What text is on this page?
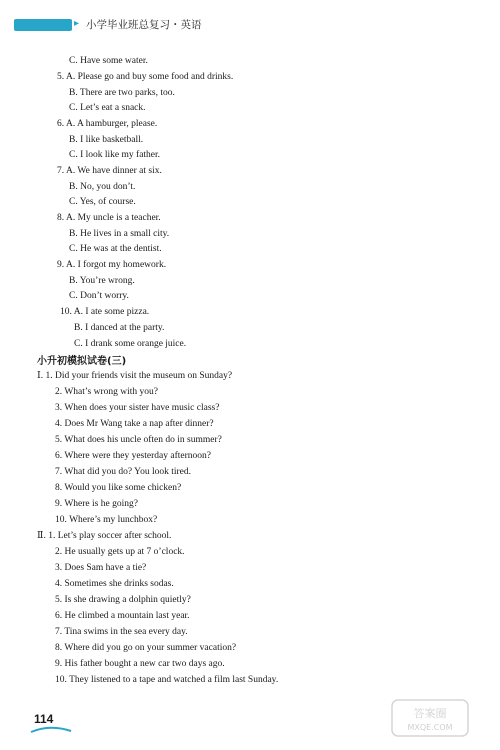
▸ 小学毕业班总复习・英语
C. Have some water.
5. A. Please go and buy some food and drinks.
B. There are two parks, too.
C. Let’s eat a snack.
6. A. A hamburger, please.
B. I like basketball.
C. I look like my father.
7. A. We have dinner at six.
B. No, you don’t.
C. Yes, of course.
8. A. My uncle is a teacher.
B. He lives in a small city.
C. He was at the dentist.
9. A. I forgot my homework.
B. You’re wrong.
C. Don’t worry.
10. A. I ate some pizza.
B. I danced at the party.
C. I drank some orange juice.
小升初模拟试卷(三)
Ⅰ. 1. Did your friends visit the museum on Sunday?
2. What’s wrong with you?
3. When does your sister have music class?
4. Does Mr Wang take a nap after dinner?
5. What does his uncle often do in summer?
6. Where were they yesterday afternoon?
7. What did you do? You look tired.
8. Would you like some chicken?
9. Where is he going?
10. Where’s my lunchbox?
Ⅱ. 1. Let’s play soccer after school.
2. He usually gets up at 7 o’clock.
3. Does Sam have a tie?
4. Sometimes she drinks sodas.
5. Is she drawing a dolphin quietly?
6. He climbed a mountain last year.
7. Tina swims in the sea every day.
8. Where did you go on your summer vacation?
9. His father bought a new car two days ago.
10. They listened to a tape and watched a film last Sunday.
114	答案圈
MXQE.COM
